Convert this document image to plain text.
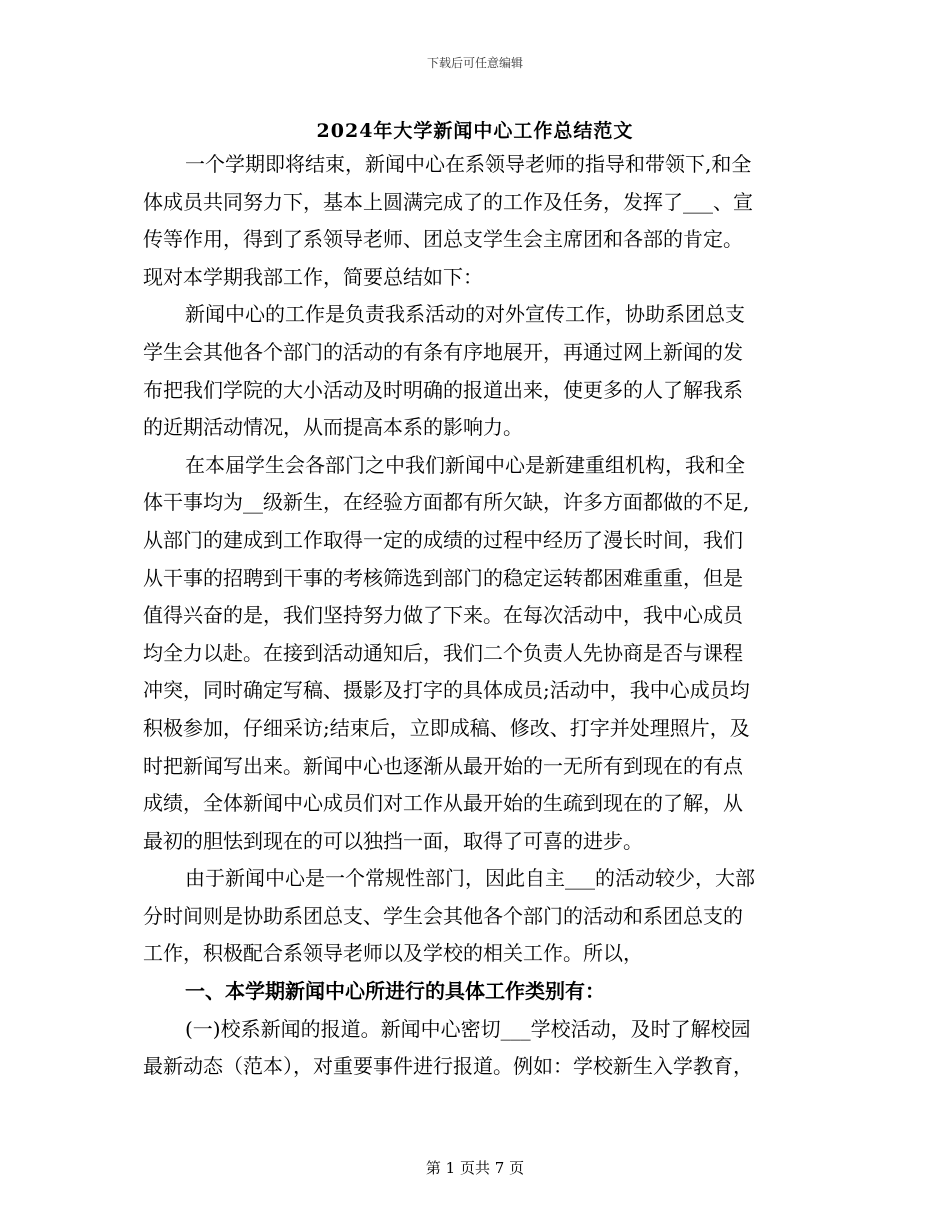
下载后可任意编辑
2024年大学新闻中心工作总结范文
一个学期即将结束，新闻中心在系领导老师的指导和带领下,和全
体成员共同努力下，基本上圆满完成了的工作及任务，发挥了___、宣
传等作用，得到了系领导老师、团总支学生会主席团和各部的肯定。
现对本学期我部工作，简要总结如下：
新闻中心的工作是负责我系活动的对外宣传工作，协助系团总支
学生会其他各个部门的活动的有条有序地展开，再通过网上新闻的发
布把我们学院的大小活动及时明确的报道出来，使更多的人了解我系
的近期活动情况，从而提高本系的影响力。
在本届学生会各部门之中我们新闻中心是新建重组机构，我和全
体干事均为__级新生，在经验方面都有所欠缺，许多方面都做的不足,
从部门的建成到工作取得一定的成绩的过程中经历了漫长时间，我们
从干事的招聘到干事的考核筛选到部门的稳定运转都困难重重，但是
值得兴奋的是，我们坚持努力做了下来。在每次活动中，我中心成员
均全力以赴。在接到活动通知后，我们二个负责人先协商是否与课程
冲突，同时确定写稿、摄影及打字的具体成员;活动中，我中心成员均
积极参加，仔细采访;结束后，立即成稿、修改、打字并处理照片，及
时把新闻写出来。新闻中心也逐渐从最开始的一无所有到现在的有点
成绩，全体新闻中心成员们对工作从最开始的生疏到现在的了解，从
最初的胆怯到现在的可以独挡一面，取得了可喜的进步。
由于新闻中心是一个常规性部门，因此自主___的活动较少，大部
分时间则是协助系团总支、学生会其他各个部门的活动和系团总支的
工作，积极配合系领导老师以及学校的相关工作。所以，
一、本学期新闻中心所进行的具体工作类别有：
(一)校系新闻的报道。新闻中心密切___学校活动，及时了解校园
最新动态（范本），对重要事件进行报道。例如：学校新生入学教育，
第 1 页共 7 页
